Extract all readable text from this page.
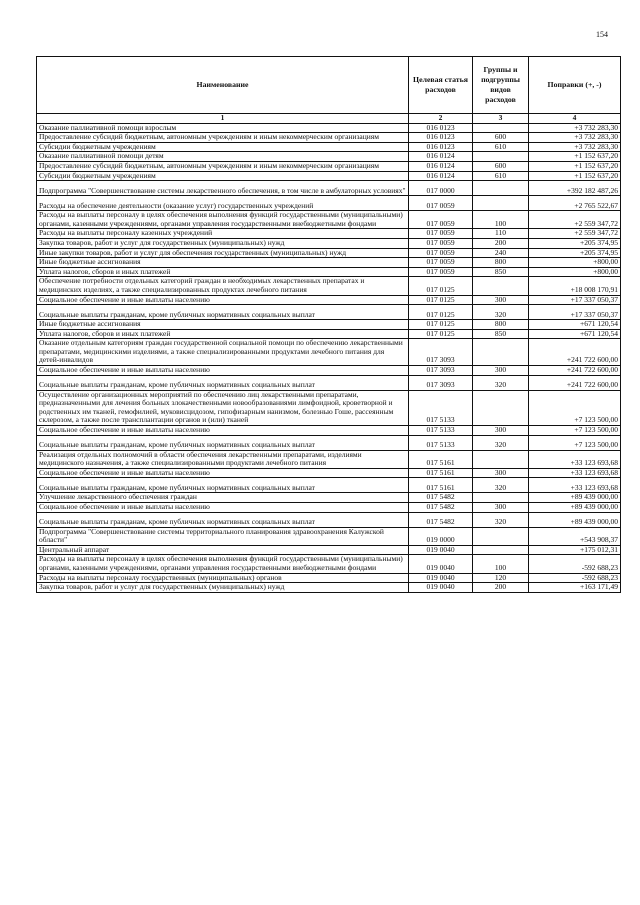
154
Наименование	Целевая статья расходов	Группы и подгруппы видов расходов	Поправки (+, -)
1	2	3	4
Оказание паллиативной помощи взрослым	016 0123		+3 732 283,30
Предоставление субсидий бюджетным, автономным учреждениям и иным некоммерческим организациям	016 0123	600	+3 732 283,30
Субсидии бюджетным учреждениям	016 0123	610	+3 732 283,30
Оказание паллиативной помощи детям	016 0124		+1 152 637,20
Предоставление субсидий бюджетным, автономным учреждениям и иным некоммерческим организациям	016 0124	600	+1 152 637,20
Субсидии бюджетным учреждениям	016 0124	610	+1 152 637,20
Подпрограмма "Совершенствование системы лекарственного обеспечения, в том числе в амбулаторных условиях"	017 0000		+392 182 487,26
Расходы на обеспечение деятельности (оказание услуг) государственных учреждений	017 0059		+2 765 522,67
Расходы на выплаты персоналу в целях обеспечения выполнения функций государственными (муниципальными) органами, казенными учреждениями, органами управления государственными внебюджетными фондами	017 0059	100	+2 559 347,72
Расходы на выплаты персоналу казенных учреждений	017 0059	110	+2 559 347,72
Закупка товаров, работ и услуг для государственных (муниципальных) нужд	017 0059	200	+205 374,95
Иные закупки товаров, работ и услуг для обеспечения государственных (муниципальных) нужд	017 0059	240	+205 374,95
Иные бюджетные ассигнования	017 0059	800	+800,00
Уплата налогов, сборов и иных платежей	017 0059	850	+800,00
Обеспечение потребности отдельных категорий граждан в необходимых лекарственных препаратах и медицинских изделиях, а также специализированных продуктах лечебного питания	017 0125		+18 008 170,91
Социальное обеспечение и иные выплаты населению	017 0125	300	+17 337 050,37
Социальные выплаты гражданам, кроме публичных нормативных социальных выплат	017 0125	320	+17 337 050,37
Иные бюджетные ассигнования	017 0125	800	+671 120,54
Уплата налогов, сборов и иных платежей	017 0125	850	+671 120,54
Оказание отдельным категориям граждан государственной социальной помощи по обеспечению лекарственными препаратами, медицинскими изделиями, а также специализированными продуктами лечебного питания для детей-инвалидов	017 3093		+241 722 600,00
Социальное обеспечение и иные выплаты населению	017 3093	300	+241 722 600,00
Социальные выплаты гражданам, кроме публичных нормативных социальных выплат	017 3093	320	+241 722 600,00
Осуществление организационных мероприятий по обеспечению лиц лекарственными препаратами, предназначенными для лечения больных злокачественными новообразованиями лимфоидной, кроветворной и родственных им тканей, гемофилией, муковисцидозом, гипофизарным нанизмом, болезнью Гоше, рассеянным склерозом, а также после трансплантации органов и (или) тканей	017 5133		+7 123 500,00
Социальное обеспечение и иные выплаты населению	017 5133	300	+7 123 500,00
Социальные выплаты гражданам, кроме публичных нормативных социальных выплат	017 5133	320	+7 123 500,00
Реализация отдельных полномочий в области обеспечения лекарственными препаратами, изделиями медицинского назначения, а также специализированными продуктами лечебного питания	017 5161		+33 123 693,68
Социальное обеспечение и иные выплаты населению	017 5161	300	+33 123 693,68
Социальные выплаты гражданам, кроме публичных нормативных социальных выплат	017 5161	320	+33 123 693,68
Улучшение лекарственного обеспечения граждан	017 5482		+89 439 000,00
Социальное обеспечение и иные выплаты населению	017 5482	300	+89 439 000,00
Социальные выплаты гражданам, кроме публичных нормативных социальных выплат	017 5482	320	+89 439 000,00
Подпрограмма "Совершенствование системы территориального планирования здравоохранения Калужской области"	019 0000		+543 908,37
Центральный аппарат	019 0040		+175 012,31
Расходы на выплаты персоналу в целях обеспечения выполнения функций государственными (муниципальными) органами, казенными учреждениями, органами управления государственными внебюджетными фондами	019 0040	100	-592 688,23
Расходы на выплаты персоналу государственных (муниципальных) органов	019 0040	120	-592 688,23
Закупка товаров, работ и услуг для государственных (муниципальных) нужд	019 0040	200	+163 171,49
